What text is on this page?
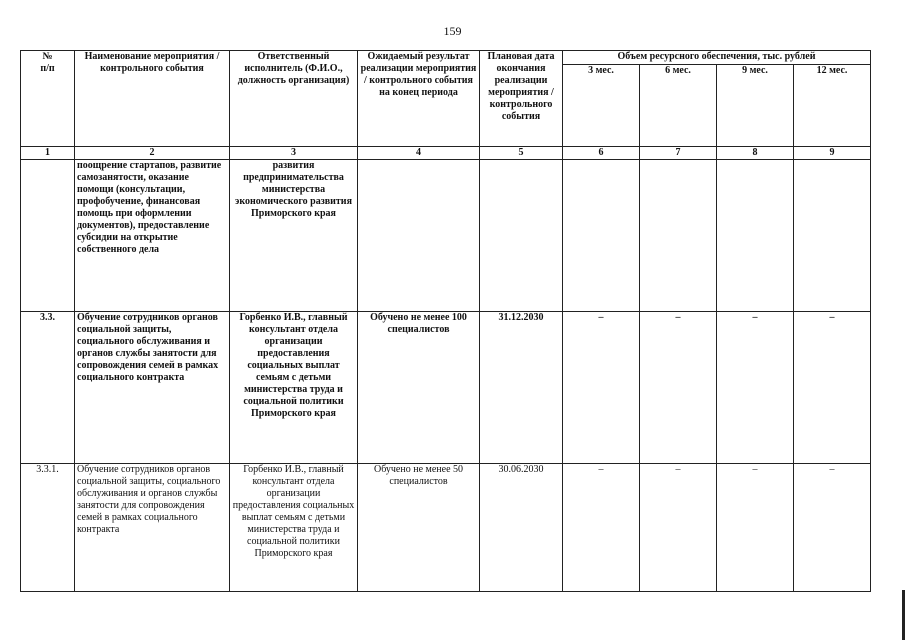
159
№
п/п	Наименование мероприятия / контрольного события	Ответственный исполнитель (Ф.И.О., должность организация)	Ожидаемый результат реализации мероприятия / контрольного события на конец периода	Плановая дата окончания реализации мероприятия / контрольного события	Объем ресурсного обеспечения, тыс. рублей			
					3 мес.	6 мес.	9 мес.	12 мес.
1	2	3	4	5	6	7	8	9
	поощрение стартапов, развитие самозанятости, оказание помощи (консультации, профобучение, финансовая помощь при оформлении документов), предоставление субсидии на открытие собственного дела	развития предпринимательства министерства экономического развития Приморского края						
3.3.	Обучение сотрудников органов социальной защиты, социального обслуживания и органов службы занятости для сопровождения семей в рамках социального контракта	Горбенко И.В., главный консультант отдела организации предоставления социальных выплат семьям с детьми министерства труда и социальной политики Приморского края	Обучено не менее 100 специалистов	31.12.2030	–	–	–	–
3.3.1.	Обучение сотрудников органов социальной защиты, социального обслуживания и органов службы занятости для сопровождения семей в рамках социального контракта	Горбенко И.В., главный консультант отдела организации предоставления социальных выплат семьям с детьми министерства труда и социальной политики Приморского края	Обучено не менее 50 специалистов	30.06.2030	–	–	–	–
